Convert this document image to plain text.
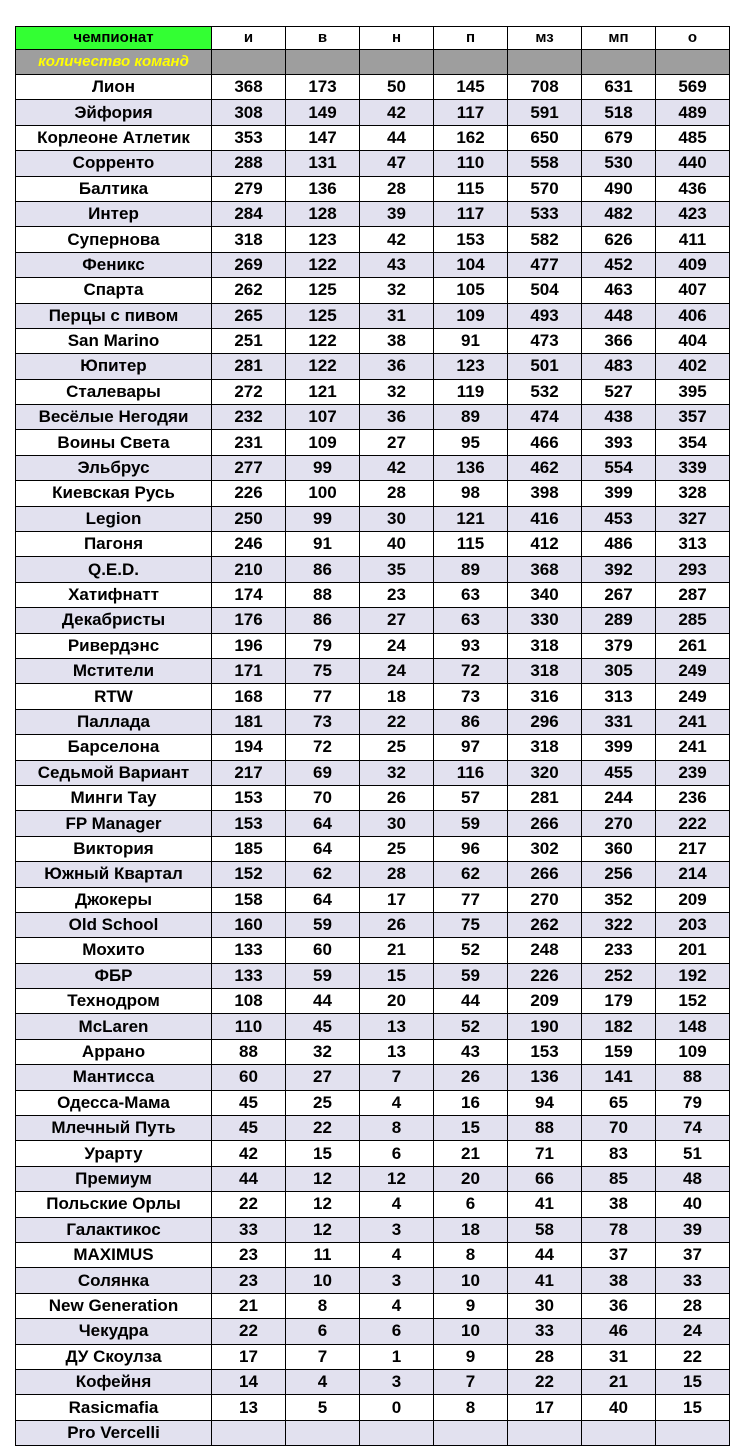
чемпионат	и	в	н	п	мз	мп	о
количество команд							
Лион	368	173	50	145	708	631	569
Эйфория	308	149	42	117	591	518	489
Корлеоне Атлетик	353	147	44	162	650	679	485
Сорренто	288	131	47	110	558	530	440
Балтика	279	136	28	115	570	490	436
Интер	284	128	39	117	533	482	423
Супернова	318	123	42	153	582	626	411
Феникс	269	122	43	104	477	452	409
Спарта	262	125	32	105	504	463	407
Перцы с пивом	265	125	31	109	493	448	406
San Marino	251	122	38	91	473	366	404
Юпитер	281	122	36	123	501	483	402
Сталевары	272	121	32	119	532	527	395
Весёлые Негодяи	232	107	36	89	474	438	357
Воины Света	231	109	27	95	466	393	354
Эльбрус	277	99	42	136	462	554	339
Киевская Русь	226	100	28	98	398	399	328
Legion	250	99	30	121	416	453	327
Пагоня	246	91	40	115	412	486	313
Q.E.D.	210	86	35	89	368	392	293
Хатифнатт	174	88	23	63	340	267	287
Декабристы	176	86	27	63	330	289	285
Ривердэнс	196	79	24	93	318	379	261
Мстители	171	75	24	72	318	305	249
RTW	168	77	18	73	316	313	249
Паллада	181	73	22	86	296	331	241
Барселона	194	72	25	97	318	399	241
Седьмой Вариант	217	69	32	116	320	455	239
Минги Тау	153	70	26	57	281	244	236
FP Manager	153	64	30	59	266	270	222
Виктория	185	64	25	96	302	360	217
Южный Квартал	152	62	28	62	266	256	214
Джокеры	158	64	17	77	270	352	209
Old School	160	59	26	75	262	322	203
Мохито	133	60	21	52	248	233	201
ФБР	133	59	15	59	226	252	192
Технодром	108	44	20	44	209	179	152
McLaren	110	45	13	52	190	182	148
Аррано	88	32	13	43	153	159	109
Мантисса	60	27	7	26	136	141	88
Одесса-Мама	45	25	4	16	94	65	79
Млечный Путь	45	22	8	15	88	70	74
Урарту	42	15	6	21	71	83	51
Премиум	44	12	12	20	66	85	48
Польские Орлы	22	12	4	6	41	38	40
Галактикос	33	12	3	18	58	78	39
MAXIMUS	23	11	4	8	44	37	37
Солянка	23	10	3	10	41	38	33
New Generation	21	8	4	9	30	36	28
Чекудра	22	6	6	10	33	46	24
ДУ Скоулза	17	7	1	9	28	31	22
Кофейня	14	4	3	7	22	21	15
Rasicmafia	13	5	0	8	17	40	15
Pro Vercelli							
